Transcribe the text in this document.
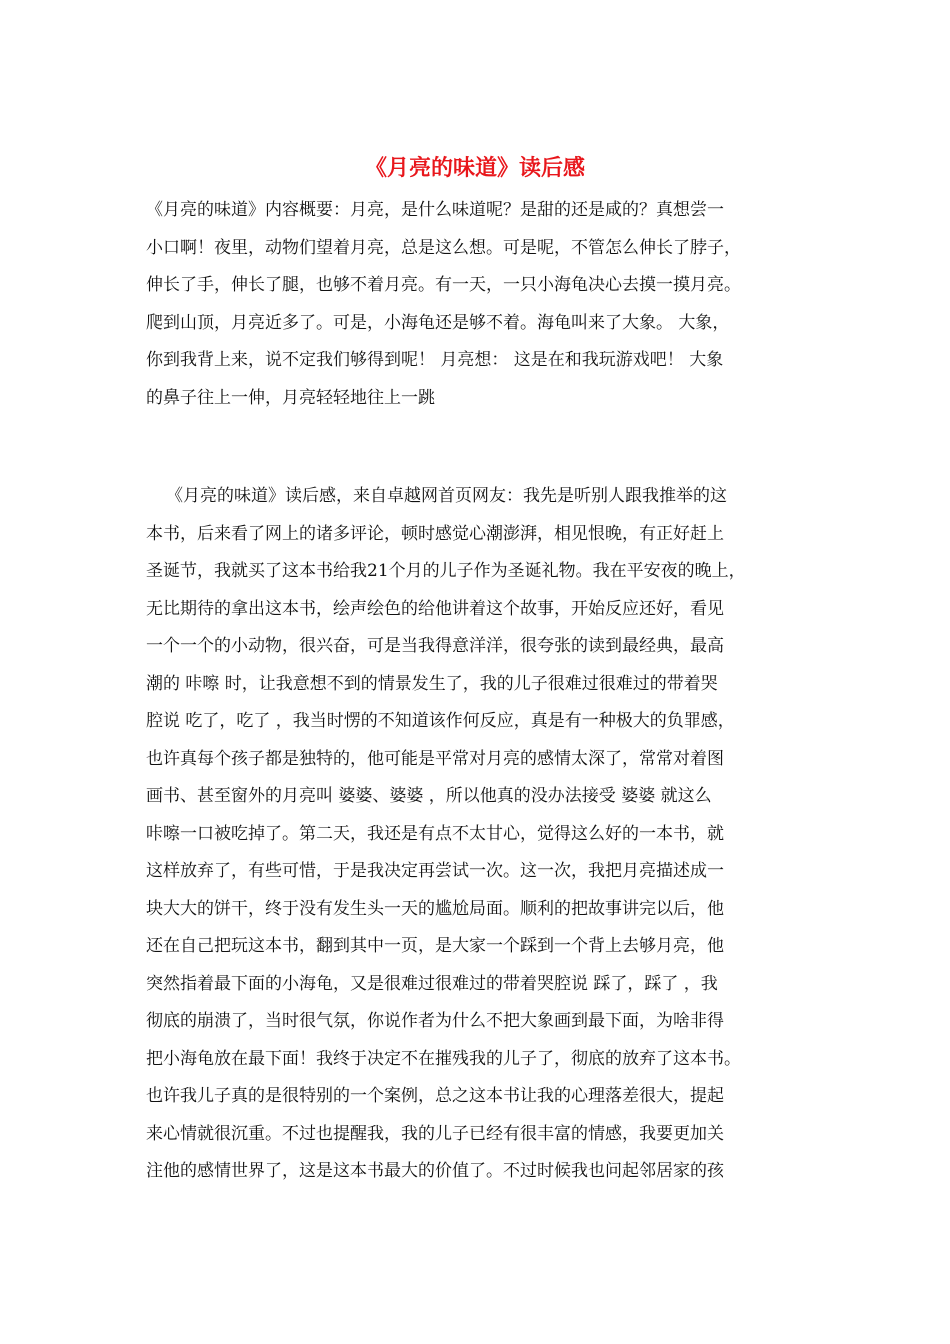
《月亮的味道》读后感
《月亮的味道》内容概要：月亮，是什么味道呢？是甜的还是咸的？真想尝一
小口啊！夜里，动物们望着月亮，总是这么想。可是呢，不管怎么伸长了脖子，
伸长了手，伸长了腿，也够不着月亮。有一天，一只小海龟决心去摸一摸月亮。
爬到山顶，月亮近多了。可是，小海龟还是够不着。海龟叫来了大象。 大象，
你到我背上来，说不定我们够得到呢！ 月亮想： 这是在和我玩游戏吧！ 大象
的鼻子往上一伸，月亮轻轻地往上一跳
《月亮的味道》读后感，来自卓越网首页网友：我先是听别人跟我推举的这
本书，后来看了网上的诸多评论，顿时感觉心潮澎湃，相见恨晚，有正好赶上
圣诞节，我就买了这本书给我21个月的儿子作为圣诞礼物。我在平安夜的晚上，
无比期待的拿出这本书，绘声绘色的给他讲着这个故事，开始反应还好，看见
一个一个的小动物，很兴奋，可是当我得意洋洋，很夸张的读到最经典，最高
潮的 咔嚓 时，让我意想不到的情景发生了，我的儿子很难过很难过的带着哭
腔说 吃了，吃了 ，我当时愣的不知道该作何反应，真是有一种极大的负罪感，
也许真每个孩子都是独特的，他可能是平常对月亮的感情太深了，常常对着图
画书、甚至窗外的月亮叫 婆婆、婆婆 ，所以他真的没办法接受 婆婆 就这么
咔嚓一口被吃掉了。第二天，我还是有点不太甘心，觉得这么好的一本书，就
这样放弃了，有些可惜，于是我决定再尝试一次。这一次，我把月亮描述成一
块大大的饼干，终于没有发生头一天的尴尬局面。顺利的把故事讲完以后，他
还在自己把玩这本书，翻到其中一页，是大家一个踩到一个背上去够月亮，他
突然指着最下面的小海龟，又是很难过很难过的带着哭腔说 踩了，踩了 ，我
彻底的崩溃了，当时很气氛，你说作者为什么不把大象画到最下面，为啥非得
把小海龟放在最下面！我终于决定不在摧残我的儿子了，彻底的放弃了这本书。
也许我儿子真的是很特别的一个案例，总之这本书让我的心理落差很大，提起
来心情就很沉重。不过也提醒我，我的儿子已经有很丰富的情感，我要更加关
注他的感情世界了，这是这本书最大的价值了。不过时候我也问起邻居家的孩
